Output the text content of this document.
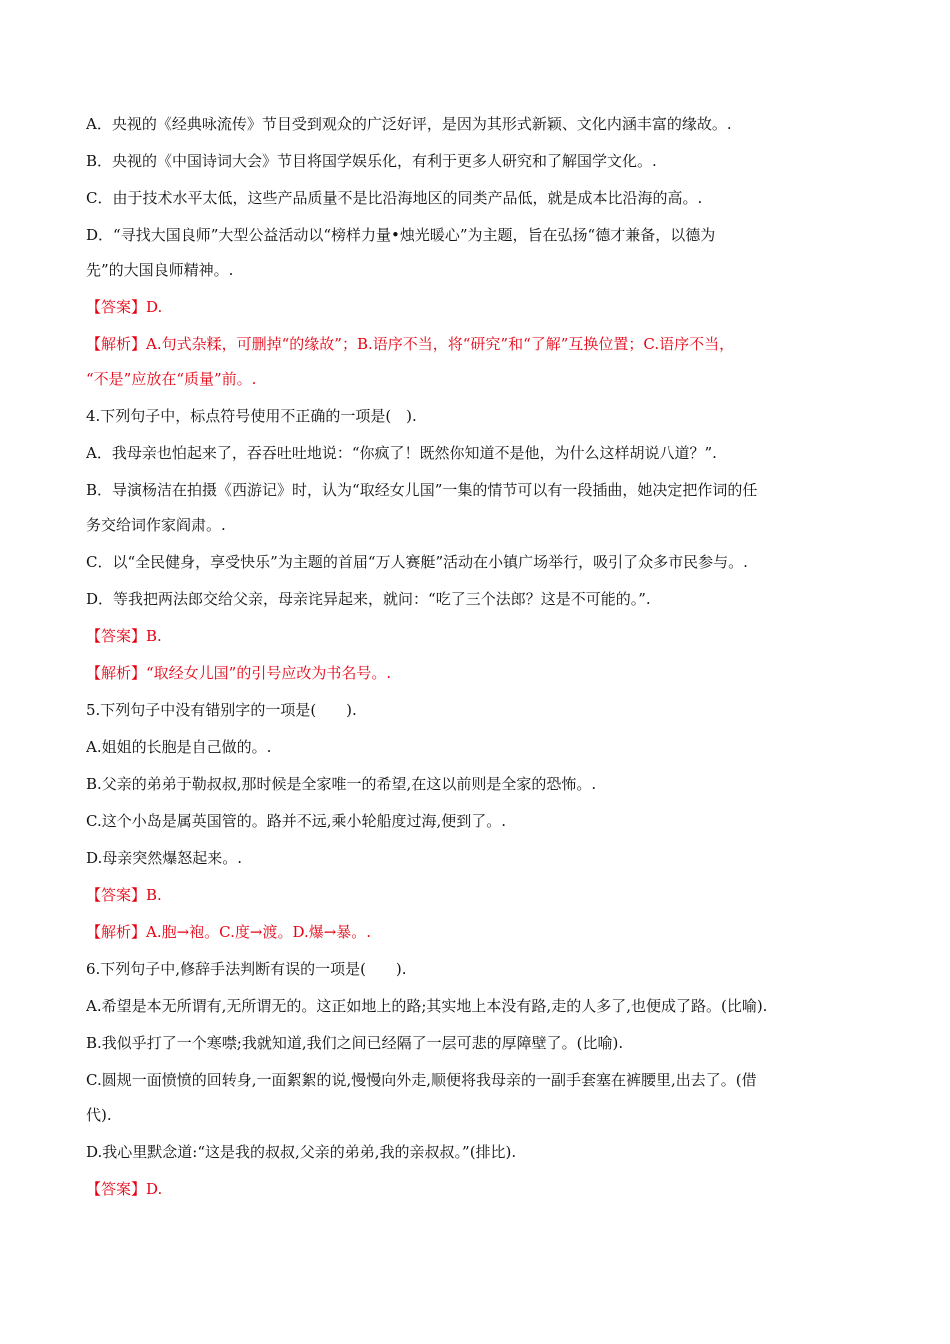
A．央视的《经典咏流传》节目受到观众的广泛好评，是因为其形式新颖、文化内涵丰富的缘故。.

B．央视的《中国诗词大会》节目将国学娱乐化，有利于更多人研究和了解国学文化。.

C．由于技术水平太低，这些产品质量不是比沿海地区的同类产品低，就是成本比沿海的高。.

D．“寻找大国良师”大型公益活动以“榜样力量•烛光暖心”为主题，旨在弘扬“德才兼备，以德为

先”的大国良师精神。.

【答案】D.

【解析】A.句式杂糅，可删掉“的缘故”；B.语序不当，将“研究”和“了解”互换位置；C.语序不当，

“不是”应放在“质量”前。.

4.下列句子中，标点符号使用不正确的一项是(　).

A．我母亲也怕起来了，吞吞吐吐地说：“你疯了！既然你知道不是他，为什么这样胡说八道？”.

B．导演杨洁在拍摄《西游记》时，认为“取经女儿国”一集的情节可以有一段插曲，她决定把作词的任

务交给词作家阎肃。.

C．以“全民健身，享受快乐”为主题的首届“万人赛艇”活动在小镇广场举行，吸引了众多市民参与。.

D．等我把两法郎交给父亲，母亲诧异起来，就问：“吃了三个法郎？这是不可能的。”.

【答案】B.

【解析】“取经女儿国”的引号应改为书名号。.

5.下列句子中没有错别字的一项是(　　).

A.姐姐的长胞是自己做的。.

B.父亲的弟弟于勒叔叔,那时候是全家唯一的希望,在这以前则是全家的恐怖。.

C.这个小岛是属英国管的。路并不远,乘小轮船度过海,便到了。.

D.母亲突然爆怒起来。.

【答案】B.

【解析】A.胞→袍。C.度→渡。D.爆→暴。.

6.下列句子中,修辞手法判断有误的一项是(　　).

A.希望是本无所谓有,无所谓无的。这正如地上的路;其实地上本没有路,走的人多了,也便成了路。(比喻).

B.我似乎打了一个寒噤;我就知道,我们之间已经隔了一层可悲的厚障壁了。(比喻).

C.圆规一面愤愤的回转身,一面絮絮的说,慢慢向外走,顺便将我母亲的一副手套塞在裤腰里,出去了。(借

代).

D.我心里默念道:“这是我的叔叔,父亲的弟弟,我的亲叔叔。”(排比).

【答案】D.
